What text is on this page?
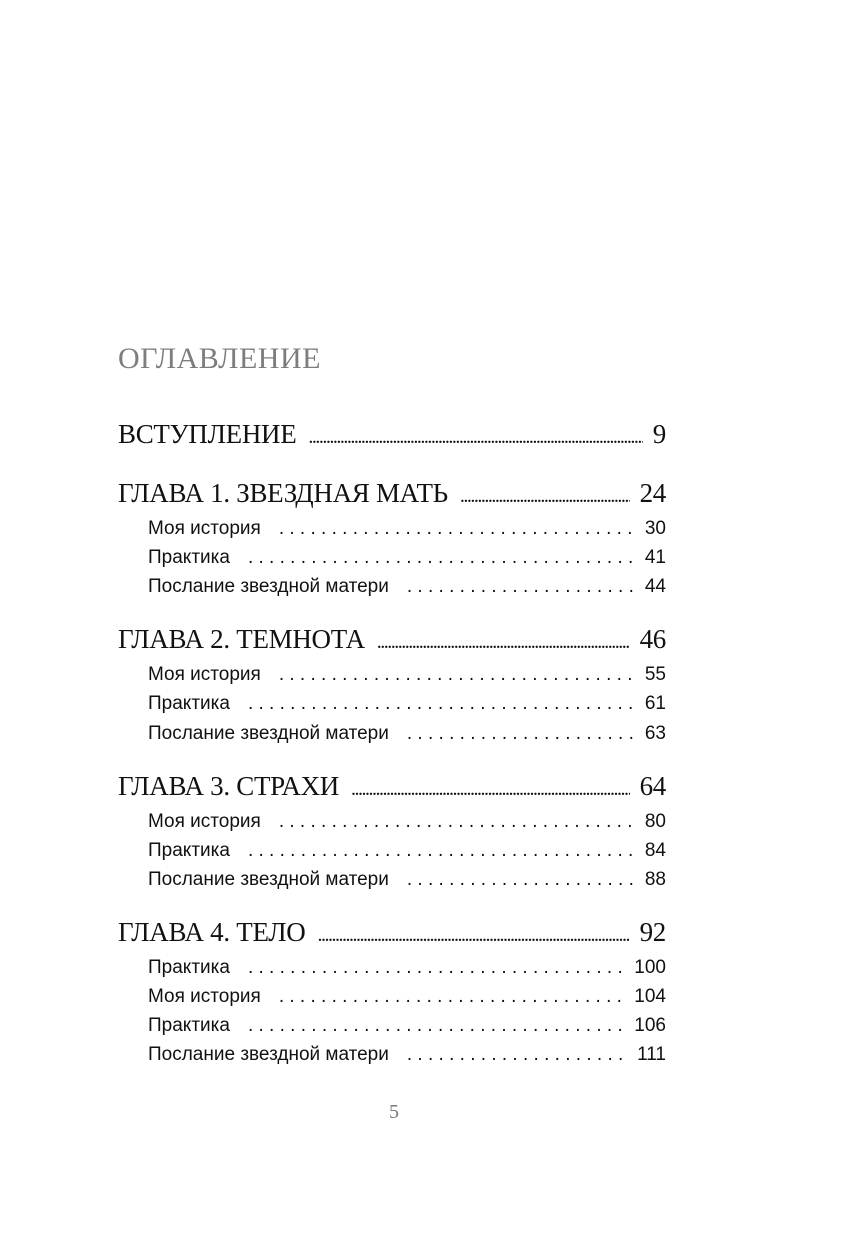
ОГЛАВЛЕНИЕ
ВСТУПЛЕНИЕ .....	9
ГЛАВА 1. ЗВЕЗДНАЯ МАТЬ .....	24
Моя история . . .	30
Практика . . .	41
Послание звездной матери . . .	44
ГЛАВА 2. ТЕМНОТА .....	46
Моя история . . .	55
Практика . . .	61
Послание звездной матери . . .	63
ГЛАВА 3. СТРАХИ .....	64
Моя история . . .	80
Практика . . .	84
Послание звездной матери . . .	88
ГЛАВА 4. ТЕЛО .....	92
Практика . . .	100
Моя история . . .	104
Практика . . .	106
Послание звездной матери . . .	111
5
